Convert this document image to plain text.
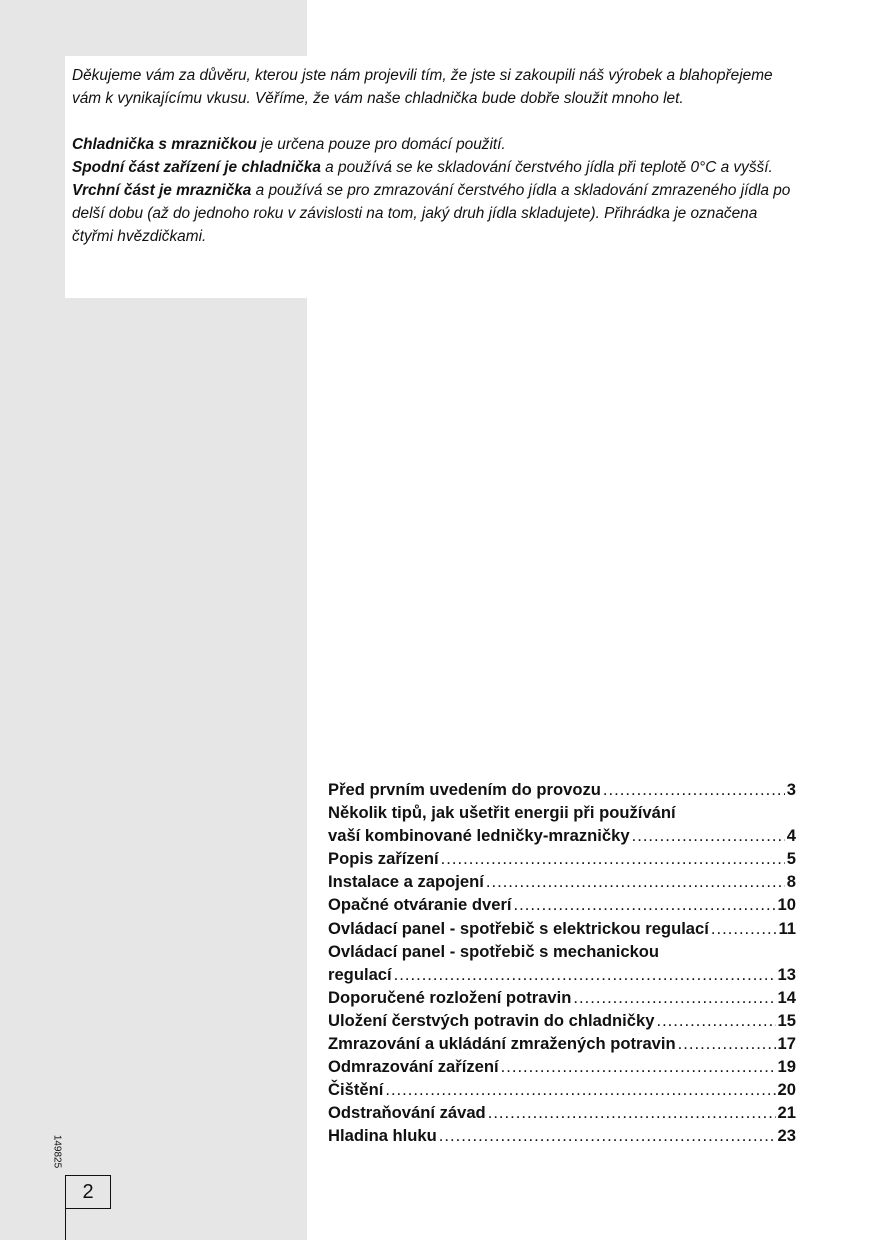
Děkujeme vám za důvěru, kterou jste nám projevili tím, že jste si zakoupili náš výrobek a blahopřejeme vám k vynikajícímu vkusu. Věříme, že vám naše chladnička bude dobře sloužit mnoho let.

Chladnička s mrazničkou je určena pouze pro domácí použití.

Spodní část zařízení je chladnička a používá se ke skladování čerstvého jídla při teplotě 0°C a vyšší.

Vrchní část je mraznička a používá se pro zmrazování čerstvého jídla a skladování zmrazeného jídla po delší dobu (až do jednoho roku v závislosti na tom, jaký druh jídla skladujete). Přihrádka je označena čtyřmi hvězdičkami.

Před prvním uvedením do provozu .....	3
Několik tipů, jak ušetřit energii při používání
vaší kombinované ledničky-mrazničky .....	4
Popis zařízení .....	5
Instalace a zapojení .....	8
Opačné otváranie dverí .....	10
Ovládací panel - spotřebič s elektrickou regulací .....	11
Ovládací panel - spotřebič s mechanickou
regulací .....	13
Doporučené rozložení potravin .....	14
Uložení čerstvých potravin do chladničky .....	15
Zmrazování a ukládání zmražených potravin .....	17
Odmrazování zařízení .....	19
Čištění .....	20
Odstraňování závad .....	21
Hladina hluku .....	23
149825
2
